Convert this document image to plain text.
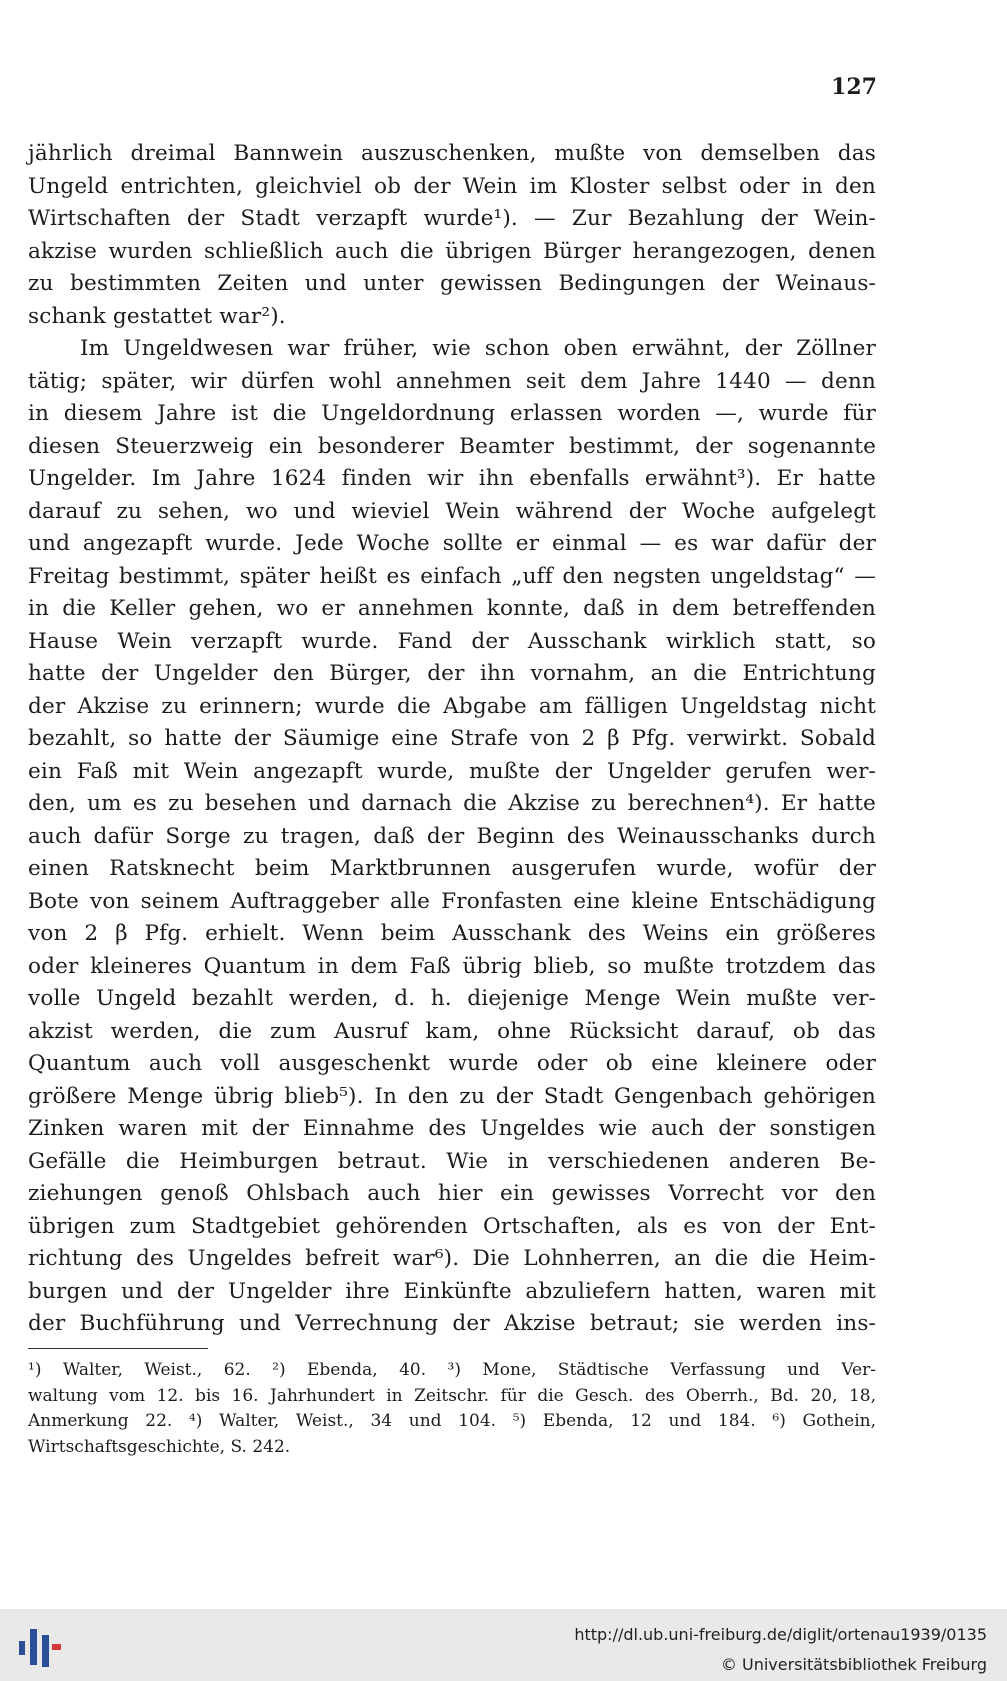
127
jährlich dreimal Bannwein auszuschenken, mußte von demselben das
Ungeld entrichten, gleichviel ob der Wein im Kloster selbst oder in den
Wirtschaften der Stadt verzapft wurde¹). — Zur Bezahlung der Wein-
akzise wurden schließlich auch die übrigen Bürger herangezogen, denen
zu bestimmten Zeiten und unter gewissen Bedingungen der Weinaus-
schank gestattet war²).
Im Ungeldwesen war früher, wie schon oben erwähnt, der Zöllner
tätig; später, wir dürfen wohl annehmen seit dem Jahre 1440 — denn
in diesem Jahre ist die Ungeldordnung erlassen worden —, wurde für
diesen Steuerzweig ein besonderer Beamter bestimmt, der sogenannte
Ungelder. Im Jahre 1624 finden wir ihn ebenfalls erwähnt³). Er hatte
darauf zu sehen, wo und wieviel Wein während der Woche aufgelegt
und angezapft wurde. Jede Woche sollte er einmal — es war dafür der
Freitag bestimmt, später heißt es einfach „uff den negsten ungeldstag“ —
in die Keller gehen, wo er annehmen konnte, daß in dem betreffenden
Hause Wein verzapft wurde. Fand der Ausschank wirklich statt, so
hatte der Ungelder den Bürger, der ihn vornahm, an die Entrichtung
der Akzise zu erinnern; wurde die Abgabe am fälligen Ungeldstag nicht
bezahlt, so hatte der Säumige eine Strafe von 2 β Pfg. verwirkt. Sobald
ein Faß mit Wein angezapft wurde, mußte der Ungelder gerufen wer-
den, um es zu besehen und darnach die Akzise zu berechnen⁴). Er hatte
auch dafür Sorge zu tragen, daß der Beginn des Weinausschanks durch
einen Ratsknecht beim Marktbrunnen ausgerufen wurde, wofür der
Bote von seinem Auftraggeber alle Fronfasten eine kleine Entschädigung
von 2 β Pfg. erhielt. Wenn beim Ausschank des Weins ein größeres
oder kleineres Quantum in dem Faß übrig blieb, so mußte trotzdem das
volle Ungeld bezahlt werden, d. h. diejenige Menge Wein mußte ver-
akzist werden, die zum Ausruf kam, ohne Rücksicht darauf, ob das
Quantum auch voll ausgeschenkt wurde oder ob eine kleinere oder
größere Menge übrig blieb⁵). In den zu der Stadt Gengenbach gehörigen
Zinken waren mit der Einnahme des Ungeldes wie auch der sonstigen
Gefälle die Heimburgen betraut. Wie in verschiedenen anderen Be-
ziehungen genoß Ohlsbach auch hier ein gewisses Vorrecht vor den
übrigen zum Stadtgebiet gehörenden Ortschaften, als es von der Ent-
richtung des Ungeldes befreit war⁶). Die Lohnherren, an die die Heim-
burgen und der Ungelder ihre Einkünfte abzuliefern hatten, waren mit
der Buchführung und Verrechnung der Akzise betraut; sie werden ins-
¹) Walter, Weist., 62. ²) Ebenda, 40. ³) Mone, Städtische Verfassung und Ver-
waltung vom 12. bis 16. Jahrhundert in Zeitschr. für die Gesch. des Oberrh., Bd. 20, 18,
Anmerkung 22. ⁴) Walter, Weist., 34 und 104. ⁵) Ebenda, 12 und 184. ⁶) Gothein,
Wirtschaftsgeschichte, S. 242.
http://dl.ub.uni-freiburg.de/diglit/ortenau1939/0135
© Universitätsbibliothek Freiburg
